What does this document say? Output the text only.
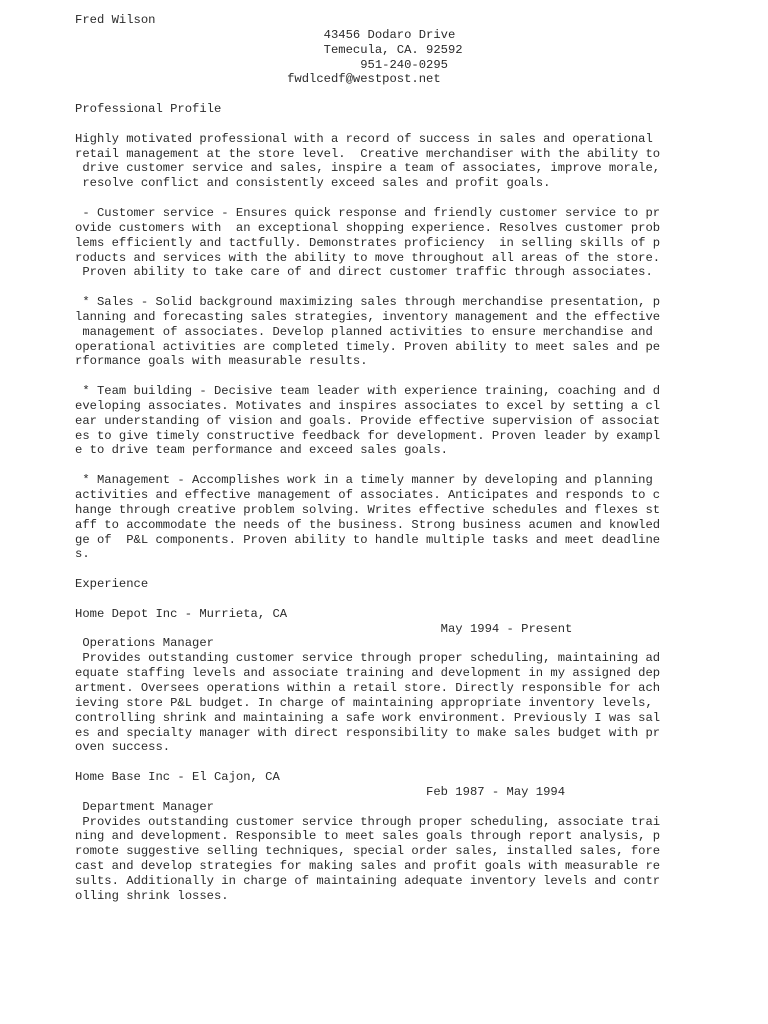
Fred Wilson
43456 Dodaro Drive
Temecula, CA. 92592
951-240-0295
fwdlcedf@westpost.net
Professional Profile
Highly motivated professional with a record of success in sales and operational
retail management at the store level.  Creative merchandiser with the ability to
drive customer service and sales, inspire a team of associates, improve morale,
resolve conflict and consistently exceed sales and profit goals.
- Customer service - Ensures quick response and friendly customer service to pr
ovide customers with  an exceptional shopping experience. Resolves customer prob
lems efficiently and tactfully. Demonstrates proficiency  in selling skills of p
roducts and services with the ability to move throughout all areas of the store.
Proven ability to take care of and direct customer traffic through associates.
* Sales - Solid background maximizing sales through merchandise presentation, p
lanning and forecasting sales strategies, inventory management and the effective
management of associates. Develop planned activities to ensure merchandise and
operational activities are completed timely. Proven ability to meet sales and pe
rformance goals with measurable results.
* Team building - Decisive team leader with experience training, coaching and d
eveloping associates. Motivates and inspires associates to excel by setting a cl
ear understanding of vision and goals. Provide effective supervision of associat
es to give timely constructive feedback for development. Proven leader by exampl
e to drive team performance and exceed sales goals.
* Management - Accomplishes work in a timely manner by developing and planning
activities and effective management of associates. Anticipates and responds to c
hange through creative problem solving. Writes effective schedules and flexes st
aff to accommodate the needs of the business. Strong business acumen and knowled
ge of  P&L components. Proven ability to handle multiple tasks and meet deadline
s.
Experience
Home Depot Inc - Murrieta, CA
May 1994 - Present
Operations Manager
Provides outstanding customer service through proper scheduling, maintaining ad
equate staffing levels and associate training and development in my assigned dep
artment. Oversees operations within a retail store. Directly responsible for ach
ieving store P&L budget. In charge of maintaining appropriate inventory levels,
controlling shrink and maintaining a safe work environment. Previously I was sal
es and specialty manager with direct responsibility to make sales budget with pr
oven success.
Home Base Inc - El Cajon, CA
Feb 1987 - May 1994
Department Manager
Provides outstanding customer service through proper scheduling, associate trai
ning and development. Responsible to meet sales goals through report analysis, p
romote suggestive selling techniques, special order sales, installed sales, fore
cast and develop strategies for making sales and profit goals with measurable re
sults. Additionally in charge of maintaining adequate inventory levels and contr
olling shrink losses.
